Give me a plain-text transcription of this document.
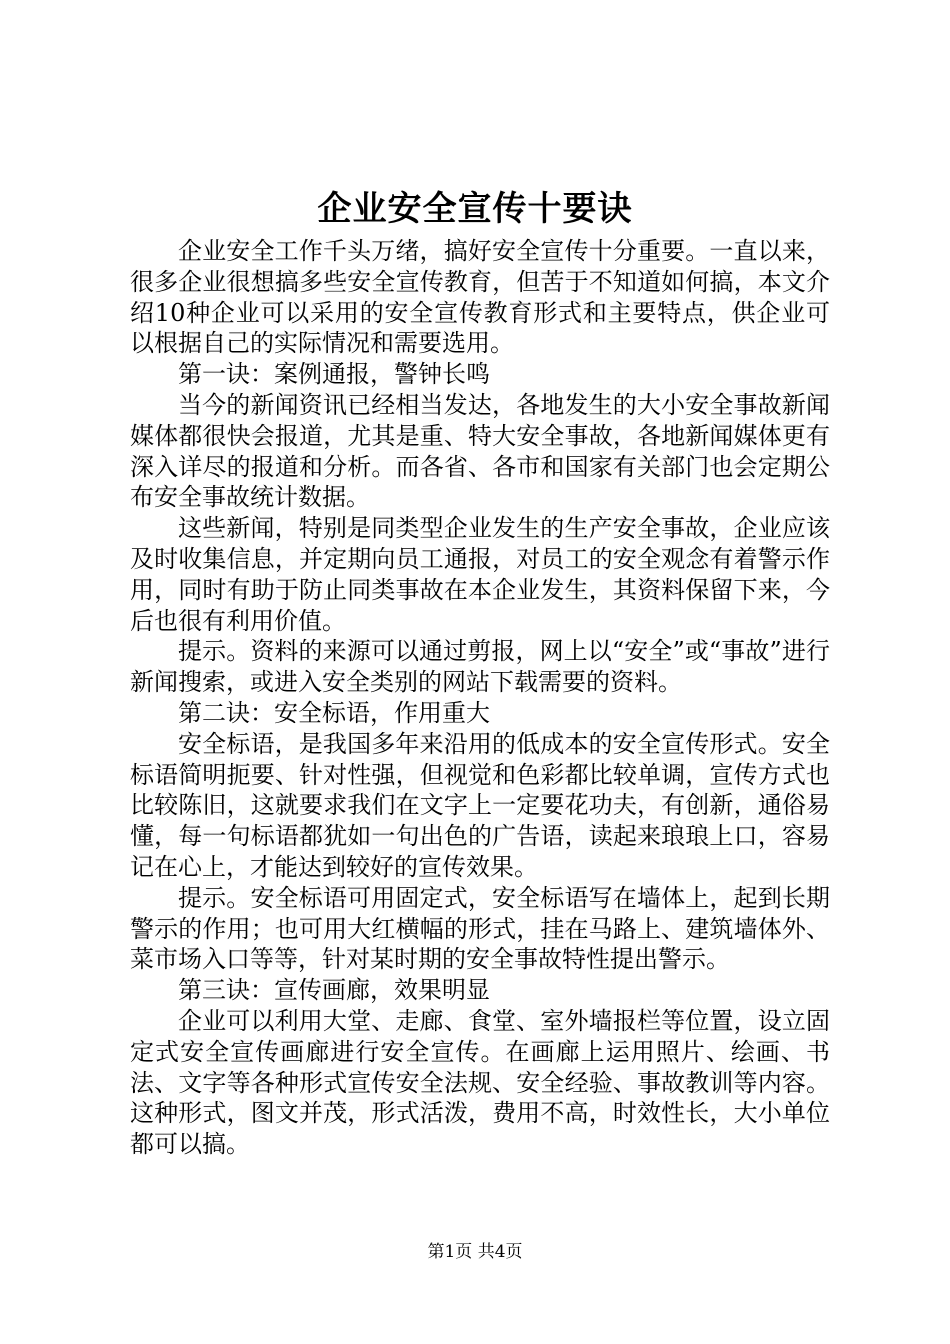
企业安全宣传十要诀

企业安全工作千头万绪，搞好安全宣传十分重要。一直以来，很多企业很想搞多些安全宣传教育，但苦于不知道如何搞，本文介绍10种企业可以采用的安全宣传教育形式和主要特点，供企业可以根据自己的实际情况和需要选用。

第一诀：案例通报，警钟长鸣

当今的新闻资讯已经相当发达，各地发生的大小安全事故新闻媒体都很快会报道，尤其是重、特大安全事故，各地新闻媒体更有深入详尽的报道和分析。而各省、各市和国家有关部门也会定期公布安全事故统计数据。

这些新闻，特别是同类型企业发生的生产安全事故，企业应该及时收集信息，并定期向员工通报，对员工的安全观念有着警示作用，同时有助于防止同类事故在本企业发生，其资料保留下来，今后也很有利用价值。

提示。资料的来源可以通过剪报，网上以“安全”或“事故”进行新闻搜索，或进入安全类别的网站下载需要的资料。

第二诀：安全标语，作用重大

安全标语，是我国多年来沿用的低成本的安全宣传形式。安全标语简明扼要、针对性强，但视觉和色彩都比较单调，宣传方式也比较陈旧，这就要求我们在文字上一定要花功夫，有创新，通俗易懂，每一句标语都犹如一句出色的广告语，读起来琅琅上口，容易记在心上，才能达到较好的宣传效果。

提示。安全标语可用固定式，安全标语写在墙体上，起到长期警示的作用；也可用大红横幅的形式，挂在马路上、建筑墙体外、菜市场入口等等，针对某时期的安全事故特性提出警示。

第三诀：宣传画廊，效果明显

企业可以利用大堂、走廊、食堂、室外墙报栏等位置，设立固定式安全宣传画廊进行安全宣传。在画廊上运用照片、绘画、书法、文字等各种形式宣传安全法规、安全经验、事故教训等内容。这种形式，图文并茂，形式活泼，费用不高，时效性长，大小单位都可以搞。

第1页 共4页
